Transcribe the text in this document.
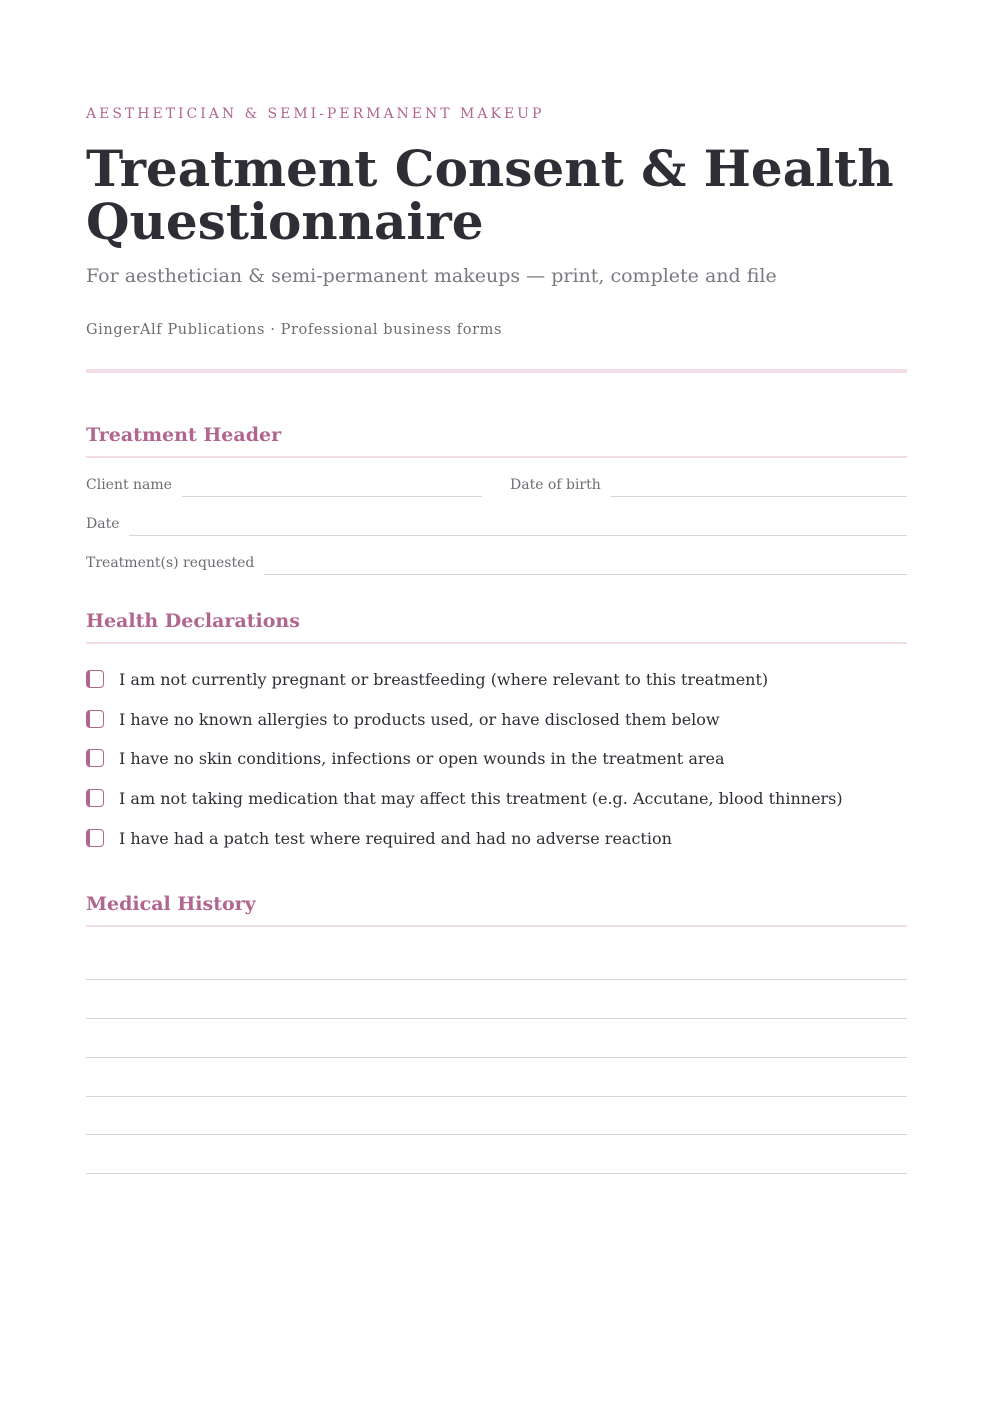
AESTHETICIAN & SEMI-PERMANENT MAKEUP
Treatment Consent & Health Questionnaire
For aesthetician & semi-permanent makeups — print, complete and file
GingerAlf Publications · Professional business forms
Treatment Header
Client name	Date of birth
Date
Treatment(s) requested
Health Declarations
I am not currently pregnant or breastfeeding (where relevant to this treatment)
I have no known allergies to products used, or have disclosed them below
I have no skin conditions, infections or open wounds in the treatment area
I am not taking medication that may affect this treatment (e.g. Accutane, blood thinners)
I have had a patch test where required and had no adverse reaction
Medical History
